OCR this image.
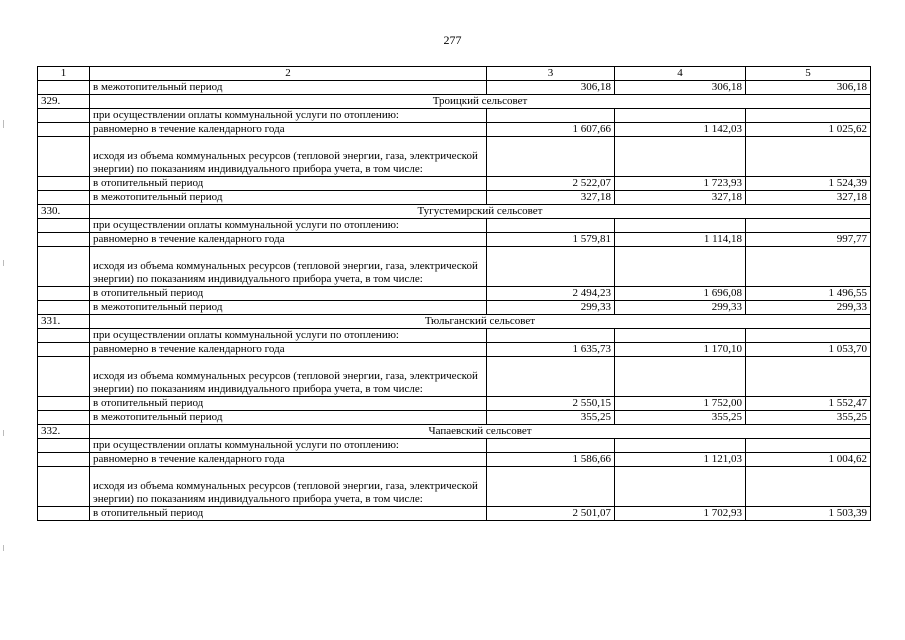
277
1	2	3	4	5
	в межотопительный период	306,18	306,18	306,18
329.	Троицкий сельсовет			
	при осуществлении оплаты коммунальной услуги по отоплению:			
	равномерно в течение календарного года	1 607,66	1 142,03	1 025,62
	исходя из объема коммунальных ресурсов (тепловой энергии, газа, электрической энергии) по показаниям индивидуального прибора учета, в том числе:			
	в отопительный период	2 522,07	1 723,93	1 524,39
	в межотопительный период	327,18	327,18	327,18
330.	Тугустемирский сельсовет			
	при осуществлении оплаты коммунальной услуги по отоплению:			
	равномерно в течение календарного года	1 579,81	1 114,18	997,77
	исходя из объема коммунальных ресурсов (тепловой энергии, газа, электрической энергии) по показаниям индивидуального прибора учета, в том числе:			
	в отопительный период	2 494,23	1 696,08	1 496,55
	в межотопительный период	299,33	299,33	299,33
331.	Тюльганский сельсовет			
	при осуществлении оплаты коммунальной услуги по отоплению:			
	равномерно в течение календарного года	1 635,73	1 170,10	1 053,70
	исходя из объема коммунальных ресурсов (тепловой энергии, газа, электрической энергии) по показаниям индивидуального прибора учета, в том числе:			
	в отопительный период	2 550,15	1 752,00	1 552,47
	в межотопительный период	355,25	355,25	355,25
332.	Чапаевский сельсовет			
	при осуществлении оплаты коммунальной услуги по отоплению:			
	равномерно в течение календарного года	1 586,66	1 121,03	1 004,62
	исходя из объема коммунальных ресурсов (тепловой энергии, газа, электрической энергии) по показаниям индивидуального прибора учета, в том числе:			
	в отопительный период	2 501,07	1 702,93	1 503,39
